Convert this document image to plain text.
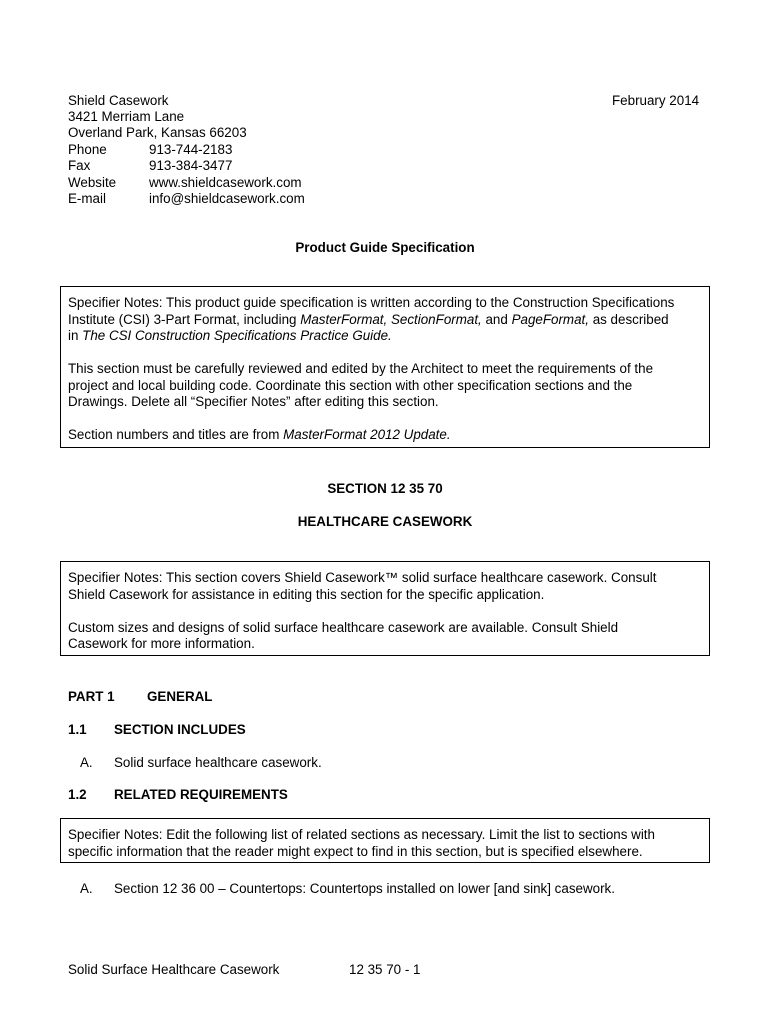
Shield Casework	February 2014
3421 Merriam Lane
Overland Park, Kansas 66203
Phone	913-744-2183
Fax	913-384-3477
Website www.shieldcasework.com
E-mail	info@shieldcasework.com
Product Guide Specification

Specifier Notes: This product guide specification is written according to the Construction Specifications

Institute (CSI) 3-Part Format, including MasterFormat, SectionFormat, and PageFormat, as described

in The CSI Construction Specifications Practice Guide.

This section must be carefully reviewed and edited by the Architect to meet the requirements of the

project and local building code. Coordinate this section with other specification sections and the

Drawings. Delete all “Specifier Notes” after editing this section.

Section numbers and titles are from MasterFormat 2012 Update.

SECTION 12 35 70
HEALTHCARE CASEWORK

Specifier Notes: This section covers Shield Casework™ solid surface healthcare casework. Consult

Shield Casework for assistance in editing this section for the specific application.

Custom sizes and designs of solid surface healthcare casework are available. Consult Shield

Casework for more information.

PART 1 GENERAL
1.1 SECTION INCLUDES
A. Solid surface healthcare casework.
1.2 RELATED REQUIREMENTS

Specifier Notes: Edit the following list of related sections as necessary. Limit the list to sections with

specific information that the reader might expect to find in this section, but is specified elsewhere.

A. Section 12 36 00 – Countertops: Countertops installed on lower [and sink] casework.
Solid Surface Healthcare Casework	12 35 70 - 1
